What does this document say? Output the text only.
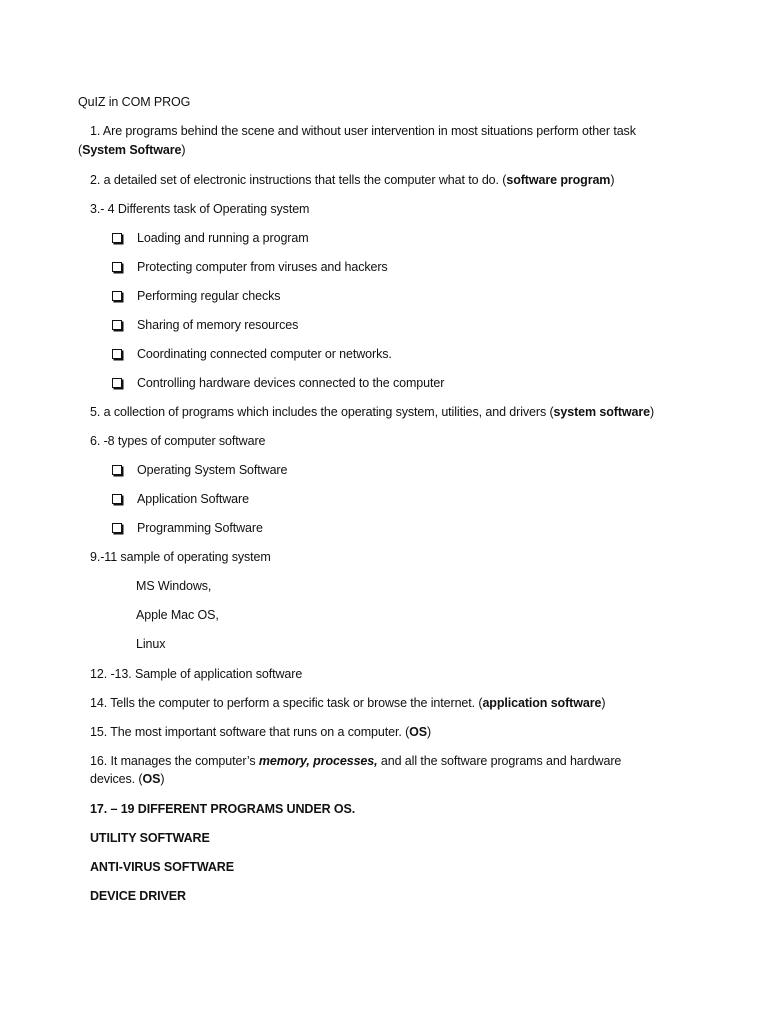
QuIZ in COM PROG
1. Are programs behind the scene and without user intervention in most situations perform other task
(System Software)
2. a detailed set of electronic instructions that tells the computer what to do. (software program)
3.- 4 Differents task of Operating system
Loading and running a program
Protecting computer from viruses and hackers
Performing regular checks
Sharing of memory resources
Coordinating connected computer or networks.
Controlling hardware devices connected to the computer
5. a collection of programs which includes the operating system, utilities, and drivers (system software)
6. -8 types of computer software
Operating System Software
Application Software
Programming Software
9.-11 sample of operating system
MS Windows,
Apple Mac OS,
Linux
12. -13. Sample of application software
14. Tells the computer to perform a specific task or browse the internet. (application software)
15. The most important software that runs on a computer. (OS)
16. It manages the computer’s memory, processes, and all the software programs and hardware
devices. (OS)
17. – 19 DIFFERENT PROGRAMS UNDER OS.
UTILITY SOFTWARE
ANTI-VIRUS SOFTWARE
DEVICE DRIVER
